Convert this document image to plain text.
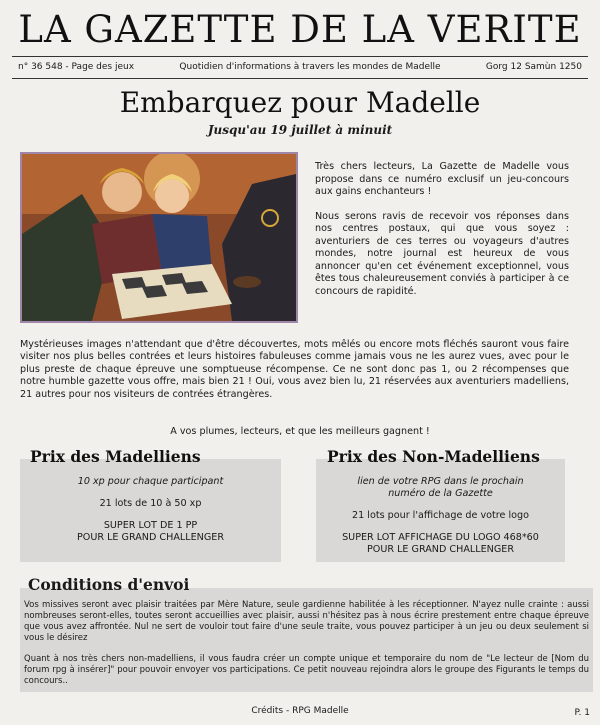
LA GAZETTE DE LA VERITE
n° 36 548 - Page des jeux	Quotidien d'informations à travers les mondes de Madelle	Gorg 12 Samùn 1250
Embarquez pour Madelle
Jusqu'au 19 juillet à minuit

Très chers lecteurs, La Gazette de Madelle vous propose dans ce numéro exclusif un jeu-concours aux gains enchanteurs !

Nous serons ravis de recevoir vos réponses dans nos centres postaux, qui que vous soyez : aventuriers de ces terres ou voyageurs d'autres mondes, notre journal est heureux de vous annoncer qu'en cet événement exceptionnel, vous êtes tous chaleureusement conviés à participer à ce concours de rapidité.

Mystérieuses images n'attendant que d'être découvertes, mots mêlés ou encore mots fléchés sauront vous faire visiter nos plus belles contrées et leurs histoires fabuleuses comme jamais vous ne les aurez vues, avec pour le plus preste de chaque épreuve une somptueuse récompense. Ce ne sont donc pas 1, ou 2 récompenses que notre humble gazette vous offre, mais bien 21 ! Oui, vous avez bien lu, 21 réservées aux aventuriers madelliens, 21 autres pour nos visiteurs de contrées étrangères.

A vos plumes, lecteurs, et que les meilleurs gagnent !
Prix des Madelliens
10 xp pour chaque participant
21 lots de 10 à 50 xp
SUPER LOT DE 1 PP
POUR LE GRAND CHALLENGER
Prix des Non-Madelliens
lien de votre RPG dans le prochain
numéro de la Gazette
21 lots pour l'affichage de votre logo
SUPER LOT AFFICHAGE DU LOGO 468*60
POUR LE GRAND CHALLENGER
Conditions d'envoi

Vos missives seront avec plaisir traitées par Mère Nature, seule gardienne habilitée à les réceptionner. N'ayez nulle crainte : aussi nombreuses seront-elles, toutes seront accueillies avec plaisir, aussi n'hésitez pas à nous écrire prestement entre chaque épreuve que vous avez affrontée. Nul ne sert de vouloir tout faire d'une seule traite, vous pouvez participer à un jeu ou deux seulement si vous le désirez

Quant à nos très chers non-madelliens, il vous faudra créer un compte unique et temporaire du nom de "Le lecteur de [Nom du forum rpg à insérer]" pour pouvoir envoyer vos participations. Ce petit nouveau rejoindra alors le groupe des Figurants le temps du concours..

Crédits - RPG Madelle	P. 1
